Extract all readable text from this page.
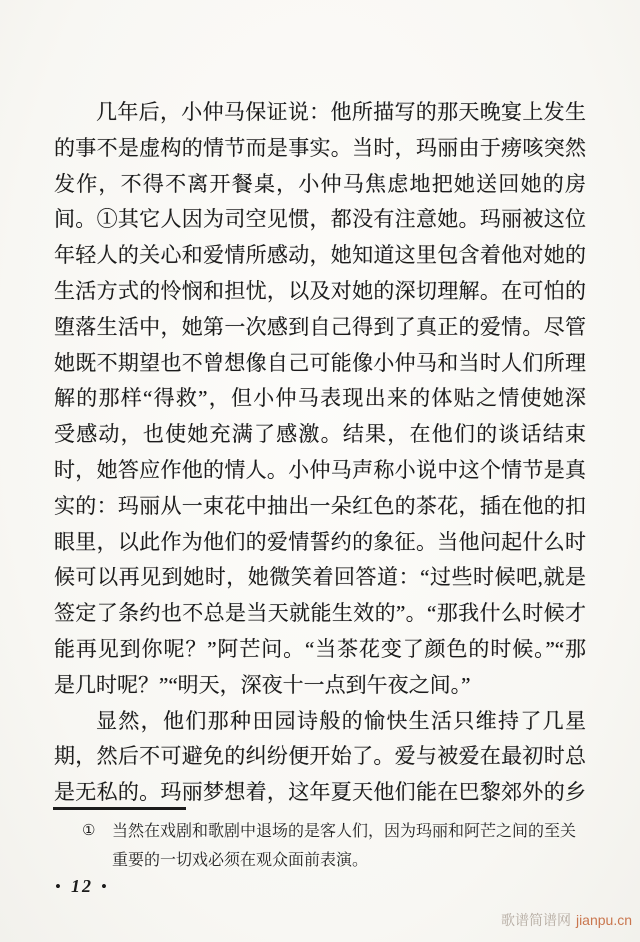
几年后，小仲马保证说：他所描写的那天晚宴上发生
的事不是虚构的情节而是事实。当时，玛丽由于痨咳突然
发作，不得不离开餐桌，小仲马焦虑地把她送回她的房
间。①其它人因为司空见惯，都没有注意她。玛丽被这位
年轻人的关心和爱情所感动，她知道这里包含着他对她的
生活方式的怜悯和担忧，以及对她的深切理解。在可怕的
堕落生活中，她第一次感到自己得到了真正的爱情。尽管
她既不期望也不曾想像自己可能像小仲马和当时人们所理
解的那样“得救”，但小仲马表现出来的体贴之情使她深
受感动，也使她充满了感激。结果，在他们的谈话结束
时，她答应作他的情人。小仲马声称小说中这个情节是真
实的：玛丽从一束花中抽出一朵红色的茶花，插在他的扣
眼里，以此作为他们的爱情誓约的象征。当他问起什么时
候可以再见到她时，她微笑着回答道：“过些时候吧,就是
签定了条约也不总是当天就能生效的”。“那我什么时候才
能再见到你呢？”阿芒问。“当茶花变了颜色的时候。”“那
是几时呢？”“明天，深夜十一点到午夜之间。”
显然，他们那种田园诗般的愉快生活只维持了几星
期，然后不可避免的纠纷便开始了。爱与被爱在最初时总
是无私的。玛丽梦想着，这年夏天他们能在巴黎郊外的乡
①	当然在戏剧和歌剧中退场的是客人们，因为玛丽和阿芒之间的至关
重要的一切戏必须在观众面前表演。
• 12 •
歌谱简谱网 jianpu.cn
